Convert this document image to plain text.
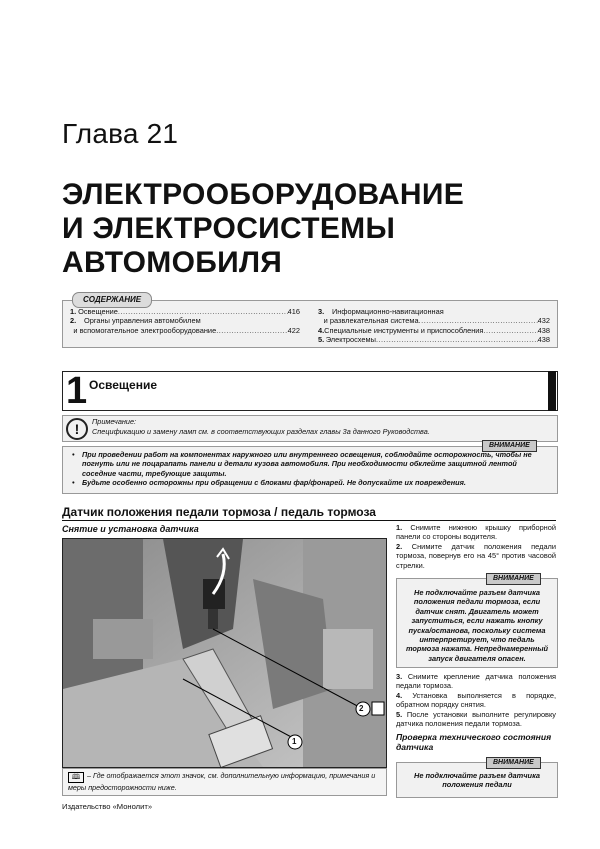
Глава 21
ЭЛЕКТРООБОРУДОВАНИЕ
И ЭЛЕКТРОСИСТЕМЫ
АВТОМОБИЛЯ
СОДЕРЖАНИЕ
1. Освещение .....	416
2.	Органы управления автомобилем
и вспомогательное электрооборудование .....	422
3.	Информационно-навигационная
и развлекательная система .....	432
4. Специальные инструменты и приспособления .....	438
5. Электросхемы .....	438
1 Освещение
!	Примечание:
Спецификацию и замену ламп см. в соответствующих разделах главы 3а данного Руководства.
ВНИМАНИЕ
• При проведении работ на компонентах наружного или внутреннего освещения, соблюдайте осторожность, чтобы не погнуть или не поцарапать панели и детали кузова автомобиля. При необходимости обклейте защитной лентой соседние части, требующие защиты.
• Будьте особенно осторожны при обращении с блоками фар/фонарей. Не допускайте их повреждения.
Датчик положения педали тормоза / педаль тормоза
Снятие и установка датчика
2
1
🕮 – Где отображается этот значок, см. дополнительную информацию, примечания и меры предосторожности ниже.
1. Снимите нижнюю крышку приборной панели со стороны водителя.
2. Снимите датчик положения педали тормоза, повернув его на 45° против часовой стрелки.
ВНИМАНИЕ
Не подключайте разъем датчика положения педали тормоза, если датчик снят. Двигатель может запуститься, если нажать кнопку пуска/останова, поскольку система интерпретирует, что педаль тормоза нажата. Непреднамеренный запуск двигателя опасен.
3. Снимите крепление датчика положения педали тормоза.
4. Установка выполняется в порядке, обратном порядку снятия.
5. После установки выполните регулировку датчика положения педали тормоза.
Проверка технического состояния датчика
ВНИМАНИЕ
Не подключайте разъем датчика положения педали
Издательство «Монолит»
